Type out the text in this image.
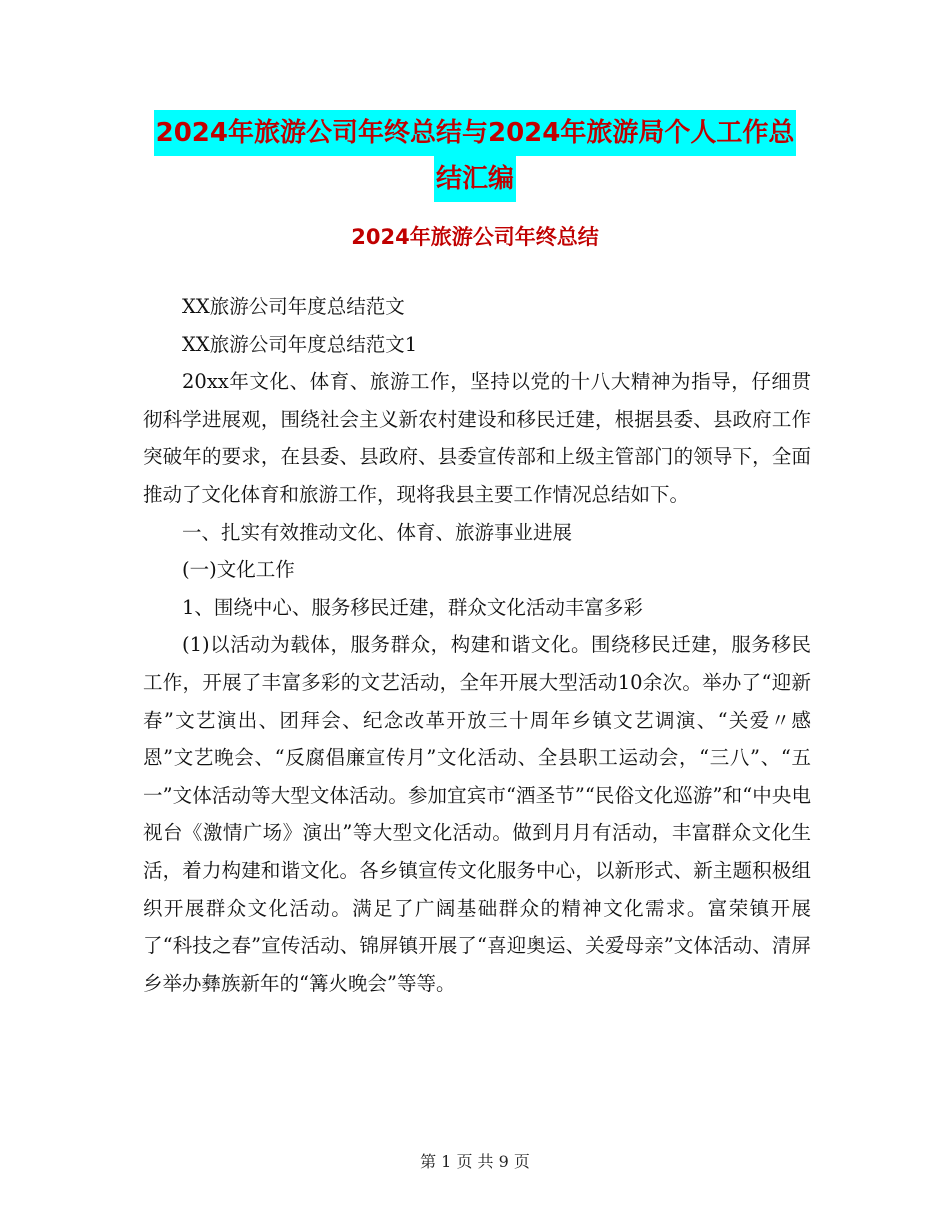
2024年旅游公司年终总结与2024年旅游局个人工作总
结汇编
2024年旅游公司年终总结

XX旅游公司年度总结范文

XX旅游公司年度总结范文1

20xx年文化、体育、旅游工作，坚持以党的十八大精神为指导，仔细贯彻科学进展观，围绕社会主义新农村建设和移民迁建，根据县委、县政府工作突破年的要求，在县委、县政府、县委宣传部和上级主管部门的领导下，全面推动了文化体育和旅游工作，现将我县主要工作情况总结如下。

一、扎实有效推动文化、体育、旅游事业进展

(一)文化工作

1、围绕中心、服务移民迁建，群众文化活动丰富多彩

(1)以活动为载体，服务群众，构建和谐文化。围绕移民迁建，服务移民工作，开展了丰富多彩的文艺活动，全年开展大型活动10余次。举办了“迎新春”文艺演出、团拜会、纪念改革开放三十周年乡镇文艺调演、“关爱〃感恩”文艺晚会、“反腐倡廉宣传月”文化活动、全县职工运动会，“三八”、“五一”文体活动等大型文体活动。参加宜宾市“酒圣节”“民俗文化巡游”和“中央电视台《激情广场》演出”等大型文化活动。做到月月有活动，丰富群众文化生活，着力构建和谐文化。各乡镇宣传文化服务中心，以新形式、新主题积极组织开展群众文化活动。满足了广阔基础群众的精神文化需求。富荣镇开展了“科技之春”宣传活动、锦屏镇开展了“喜迎奥运、关爱母亲”文体活动、清屏乡举办彝族新年的“篝火晚会”等等。

第 1 页 共 9 页
